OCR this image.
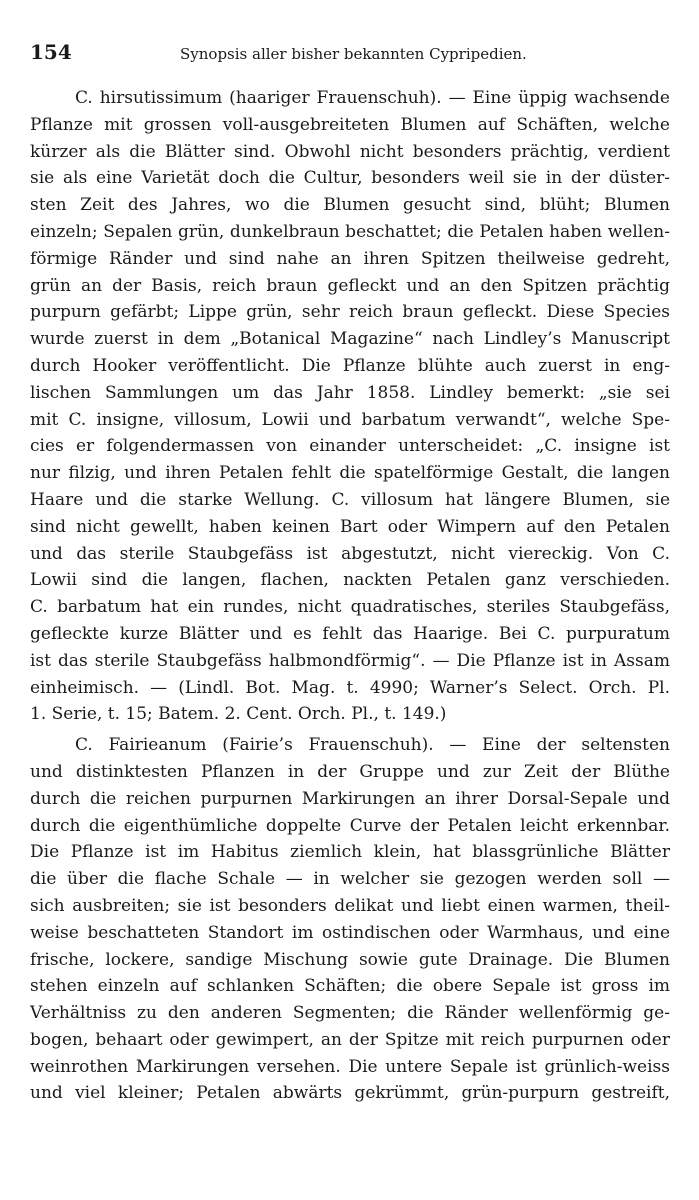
154	Synopsis aller bisher bekannten Cypripedien.
C. hirsutissimum (haariger Frauenschuh). — Eine üppig wachsende
Pflanze mit grossen voll-ausgebreiteten Blumen auf Schäften, welche
kürzer als die Blätter sind. Obwohl nicht besonders prächtig, verdient
sie als eine Varietät doch die Cultur, besonders weil sie in der düster-
sten Zeit des Jahres, wo die Blumen gesucht sind, blüht; Blumen
einzeln; Sepalen grün, dunkelbraun beschattet; die Petalen haben wellen-
förmige Ränder und sind nahe an ihren Spitzen theilweise gedreht,
grün an der Basis, reich braun gefleckt und an den Spitzen prächtig
purpurn gefärbt; Lippe grün, sehr reich braun gefleckt. Diese Species
wurde zuerst in dem „Botanical Magazine“ nach Lindley’s Manuscript
durch Hooker veröffentlicht. Die Pflanze blühte auch zuerst in eng-
lischen Sammlungen um das Jahr 1858. Lindley bemerkt: „sie sei
mit C. insigne, villosum, Lowii und barbatum verwandt“, welche Spe-
cies er folgendermassen von einander unterscheidet: „C. insigne ist
nur filzig, und ihren Petalen fehlt die spatelförmige Gestalt, die langen
Haare und die starke Wellung. C. villosum hat längere Blumen, sie
sind nicht gewellt, haben keinen Bart oder Wimpern auf den Petalen
und das sterile Staubgefäss ist abgestutzt, nicht viereckig. Von C.
Lowii sind die langen, flachen, nackten Petalen ganz verschieden.
C. barbatum hat ein rundes, nicht quadratisches, steriles Staubgefäss,
gefleckte kurze Blätter und es fehlt das Haarige. Bei C. purpuratum
ist das sterile Staubgefäss halbmondförmig“. — Die Pflanze ist in Assam
einheimisch. — (Lindl. Bot. Mag. t. 4990; Warner’s Select. Orch. Pl.
1. Serie, t. 15; Batem. 2. Cent. Orch. Pl., t. 149.)
C. Fairieanum (Fairie’s Frauenschuh). — Eine der seltensten
und distinktesten Pflanzen in der Gruppe und zur Zeit der Blüthe
durch die reichen purpurnen Markirungen an ihrer Dorsal-Sepale und
durch die eigenthümliche doppelte Curve der Petalen leicht erkennbar.
Die Pflanze ist im Habitus ziemlich klein, hat blassgrünliche Blätter
die über die flache Schale — in welcher sie gezogen werden soll —
sich ausbreiten; sie ist besonders delikat und liebt einen warmen, theil-
weise beschatteten Standort im ostindischen oder Warmhaus, und eine
frische, lockere, sandige Mischung sowie gute Drainage. Die Blumen
stehen einzeln auf schlanken Schäften; die obere Sepale ist gross im
Verhältniss zu den anderen Segmenten; die Ränder wellenförmig ge-
bogen, behaart oder gewimpert, an der Spitze mit reich purpurnen oder
weinrothen Markirungen versehen. Die untere Sepale ist grünlich-weiss
und viel kleiner; Petalen abwärts gekrümmt, grün-purpurn gestreift,
